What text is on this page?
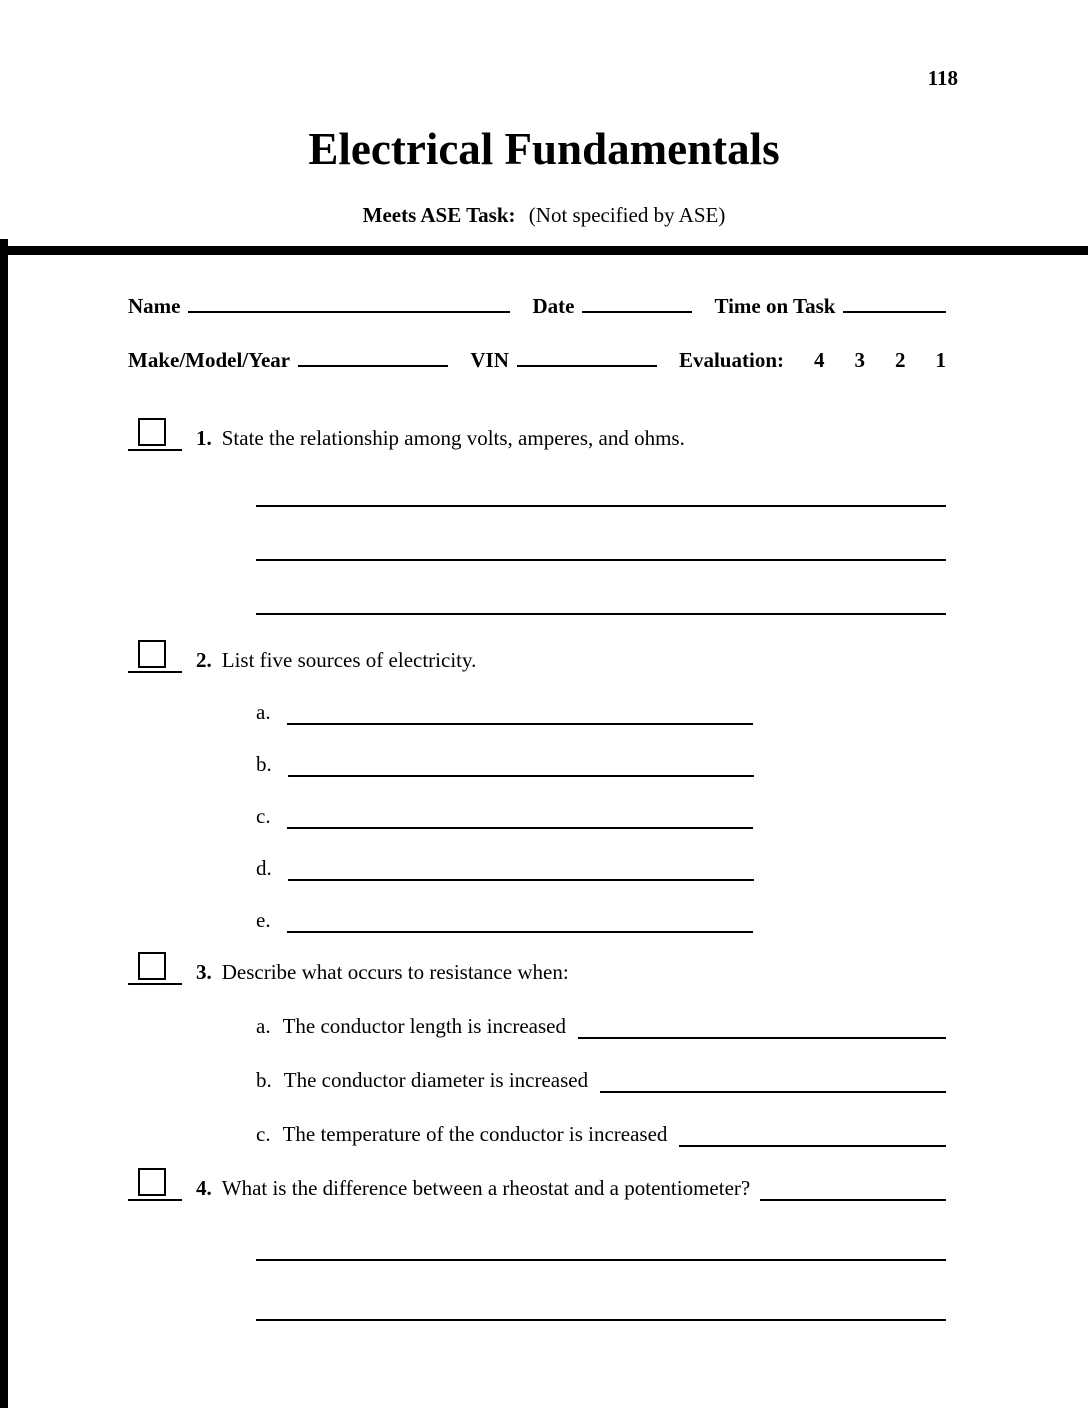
118
Electrical Fundamentals
Meets ASE Task: (Not specified by ASE)
Name	Date	Time on Task
Make/Model/Year	VIN	Evaluation: 4 3 2 1
1. State the relationship among volts, amperes, and ohms.
2. List five sources of electricity.
a.
b.
c.
d.
e.
3. Describe what occurs to resistance when:
a. The conductor length is increased
b. The conductor diameter is increased
c. The temperature of the conductor is increased
4. What is the difference between a rheostat and a potentiometer?
